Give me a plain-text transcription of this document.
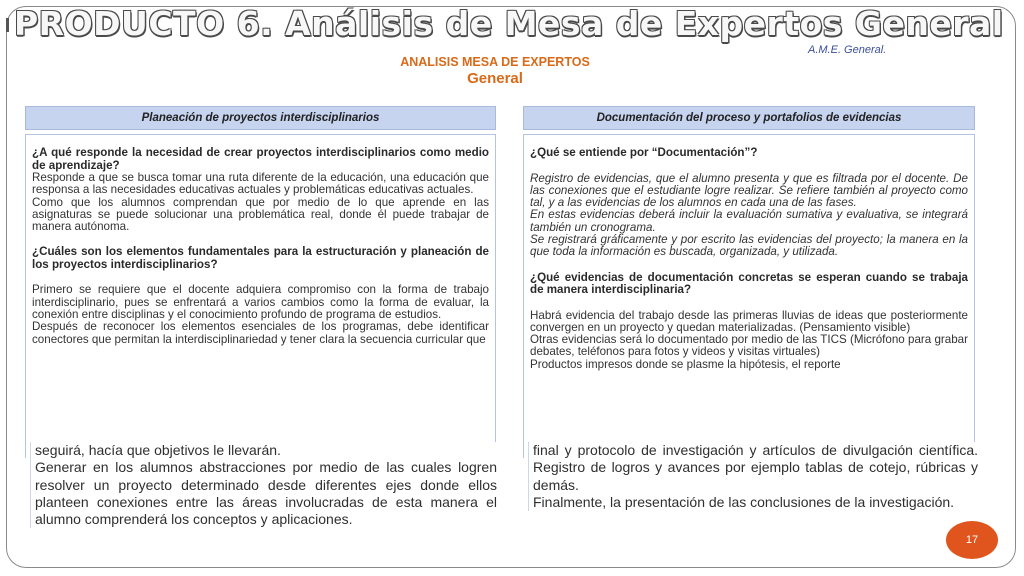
PRODUCTO 6. Análisis de Mesa de Expertos General
A.M.E. General.
ANALISIS MESA DE EXPERTOS
General
Planeación de proyectos interdisciplinarios

¿A qué responde la necesidad de crear proyectos interdisciplinarios como medio de aprendizaje?

Responde a que se busca tomar una ruta diferente de la educación, una educación que responsa a las necesidades educativas actuales y problemáticas educativas actuales.

Como que los alumnos comprendan que por medio de lo que aprende en las asignaturas se puede solucionar una problemática real, donde él puede trabajar de manera autónoma.

¿Cuáles son los elementos fundamentales para la estructuración y planeación de los proyectos interdisciplinarios?

Primero se requiere que el docente adquiera compromiso con la forma de trabajo interdisciplinario, pues se enfrentará a varios cambios como la forma de evaluar, la conexión entre disciplinas y el conocimiento profundo de programa de estudios.

Después de reconocer los elementos esenciales de los programas, debe identificar conectores que permitan la interdisciplinariedad y tener clara la secuencia curricular que

Documentación del proceso y portafolios de evidencias

¿Qué se entiende por “Documentación”?

Registro de evidencias, que el alumno presenta y que es filtrada por el docente. De las conexiones que el estudiante logre realizar. Se refiere también al proyecto como tal, y a las evidencias de los alumnos en cada una de las fases.

En estas evidencias deberá incluir la evaluación sumativa y evaluativa, se integrará también un cronograma.

Se registrará gráficamente y por escrito las evidencias del proyecto; la manera en la que toda la información es buscada, organizada, y utilizada.

¿Qué evidencias de documentación concretas se esperan cuando se trabaja de manera interdisciplinaria?

Habrá evidencia del trabajo desde las primeras lluvias de ideas que posteriormente convergen en un proyecto y quedan materializadas. (Pensamiento visible)

Otras evidencias será lo documentado por medio de las TICS (Micrófono para grabar debates, teléfonos para fotos y videos y visitas virtuales)

Productos impresos donde se plasme la hipótesis, el reporte

seguirá, hacía que objetivos le llevarán.
Generar en los alumnos abstracciones por medio de las cuales logren resolver un proyecto determinado desde diferentes ejes donde ellos planteen conexiones entre las áreas involucradas de esta manera el alumno comprenderá los conceptos y aplicaciones.
final y protocolo de investigación y artículos de divulgación científica. Registro de logros y avances por ejemplo tablas de cotejo, rúbricas y demás.
Finalmente, la presentación de las conclusiones de la investigación.
17
